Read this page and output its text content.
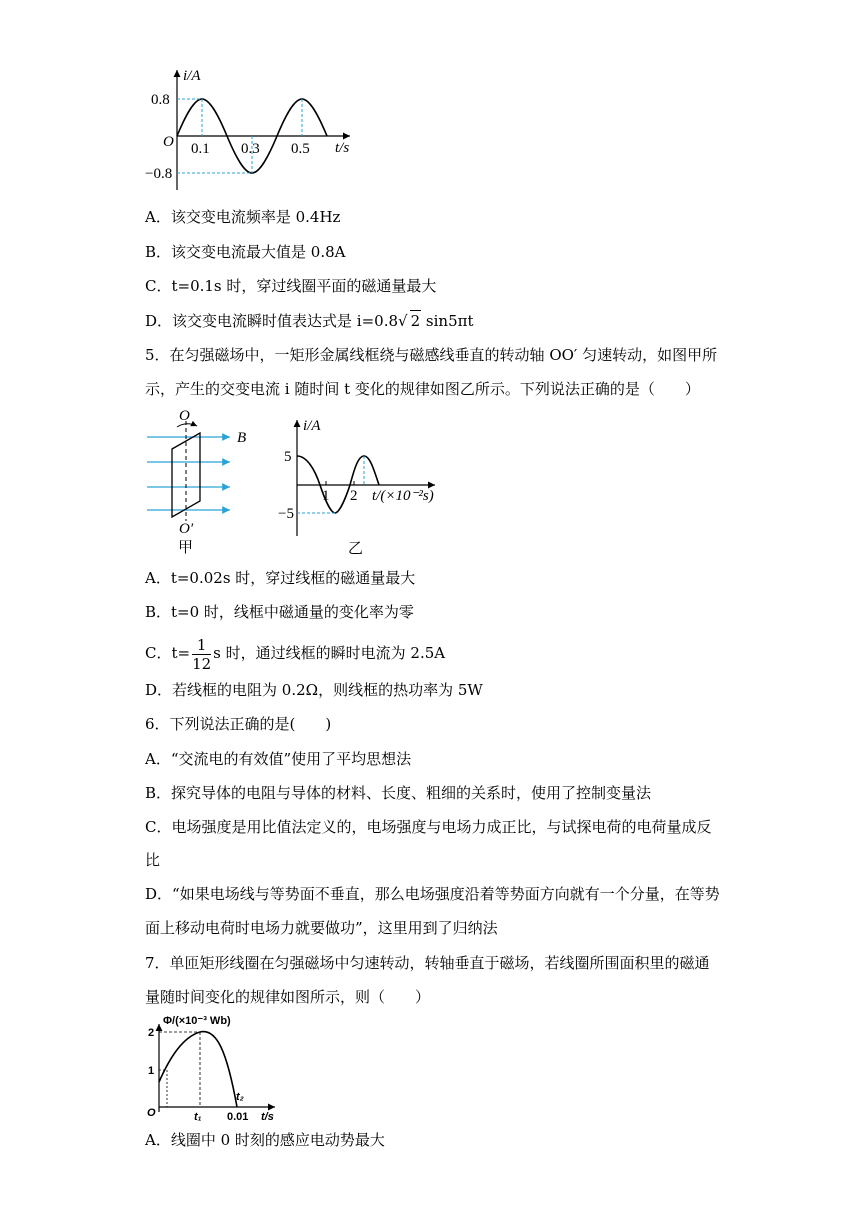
i/A
t/s
0.8
−0.8
O 0.1 0.3 0.5
A．该交变电流频率是 0.4Hz
B．该交变电流最大值是 0.8A
C．t=0.1s 时，穿过线圈平面的磁通量最大
D．该交变电流瞬时值表达式是 i=0.8√ 2 sin5πt
5．在匀强磁场中，一矩形金属线框绕与磁感线垂直的转动轴 OO′ 匀速转动，如图甲所
示，产生的交变电流 i 随时间 t 变化的规律如图乙所示。下列说法正确的是（　　）
O
O′
B
甲
i/A
5
−5
1 2 t/(×10⁻²s)
乙
A．t=0.02s 时，穿过线框的磁通量最大
B．t=0 时，线框中磁通量的变化率为零
C．$t= \frac{1}{12}$ s 时，通过线框的瞬时电流为 2.5A
D．若线框的电阻为 0.2Ω，则线框的热功率为 5W
6．下列说法正确的是(　　)
A．“交流电的有效值”使用了平均思想法
B．探究导体的电阻与导体的材料、长度、粗细的关系时，使用了控制变量法
C．电场强度是用比值法定义的，电场强度与电场力成正比，与试探电荷的电荷量成反
比
D．“如果电场线与等势面不垂直，那么电场强度沿着等势面方向就有一个分量，在等势
面上移动电荷时电场力就要做功”，这里用到了归纳法
7．单匝矩形线圈在匀强磁场中匀速转动，转轴垂直于磁场，若线圈所围面积里的磁通
量随时间变化的规律如图所示，则（　　）
Φ/(×10⁻³ Wb)
2
1
O	t₁
t₂
0.01 t/s
A．线圈中 0 时刻的感应电动势最大
